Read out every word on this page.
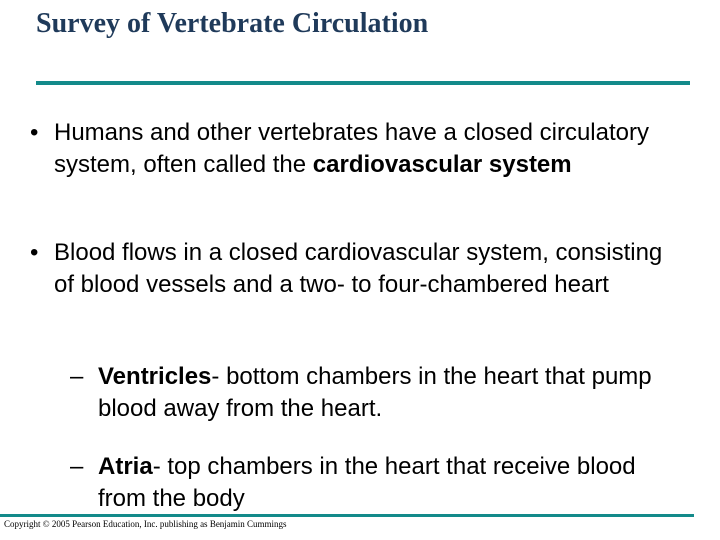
Survey of Vertebrate Circulation
• Humans and other vertebrates have a closed circulatory system, often called the cardiovascular system
• Blood flows in a closed cardiovascular system, consisting of blood vessels and a two- to four-chambered heart
– Ventricles- bottom chambers in the heart that pump blood away from the heart.
– Atria- top chambers in the heart that receive blood from the body
Copyright © 2005 Pearson Education, Inc. publishing as Benjamin Cummings
